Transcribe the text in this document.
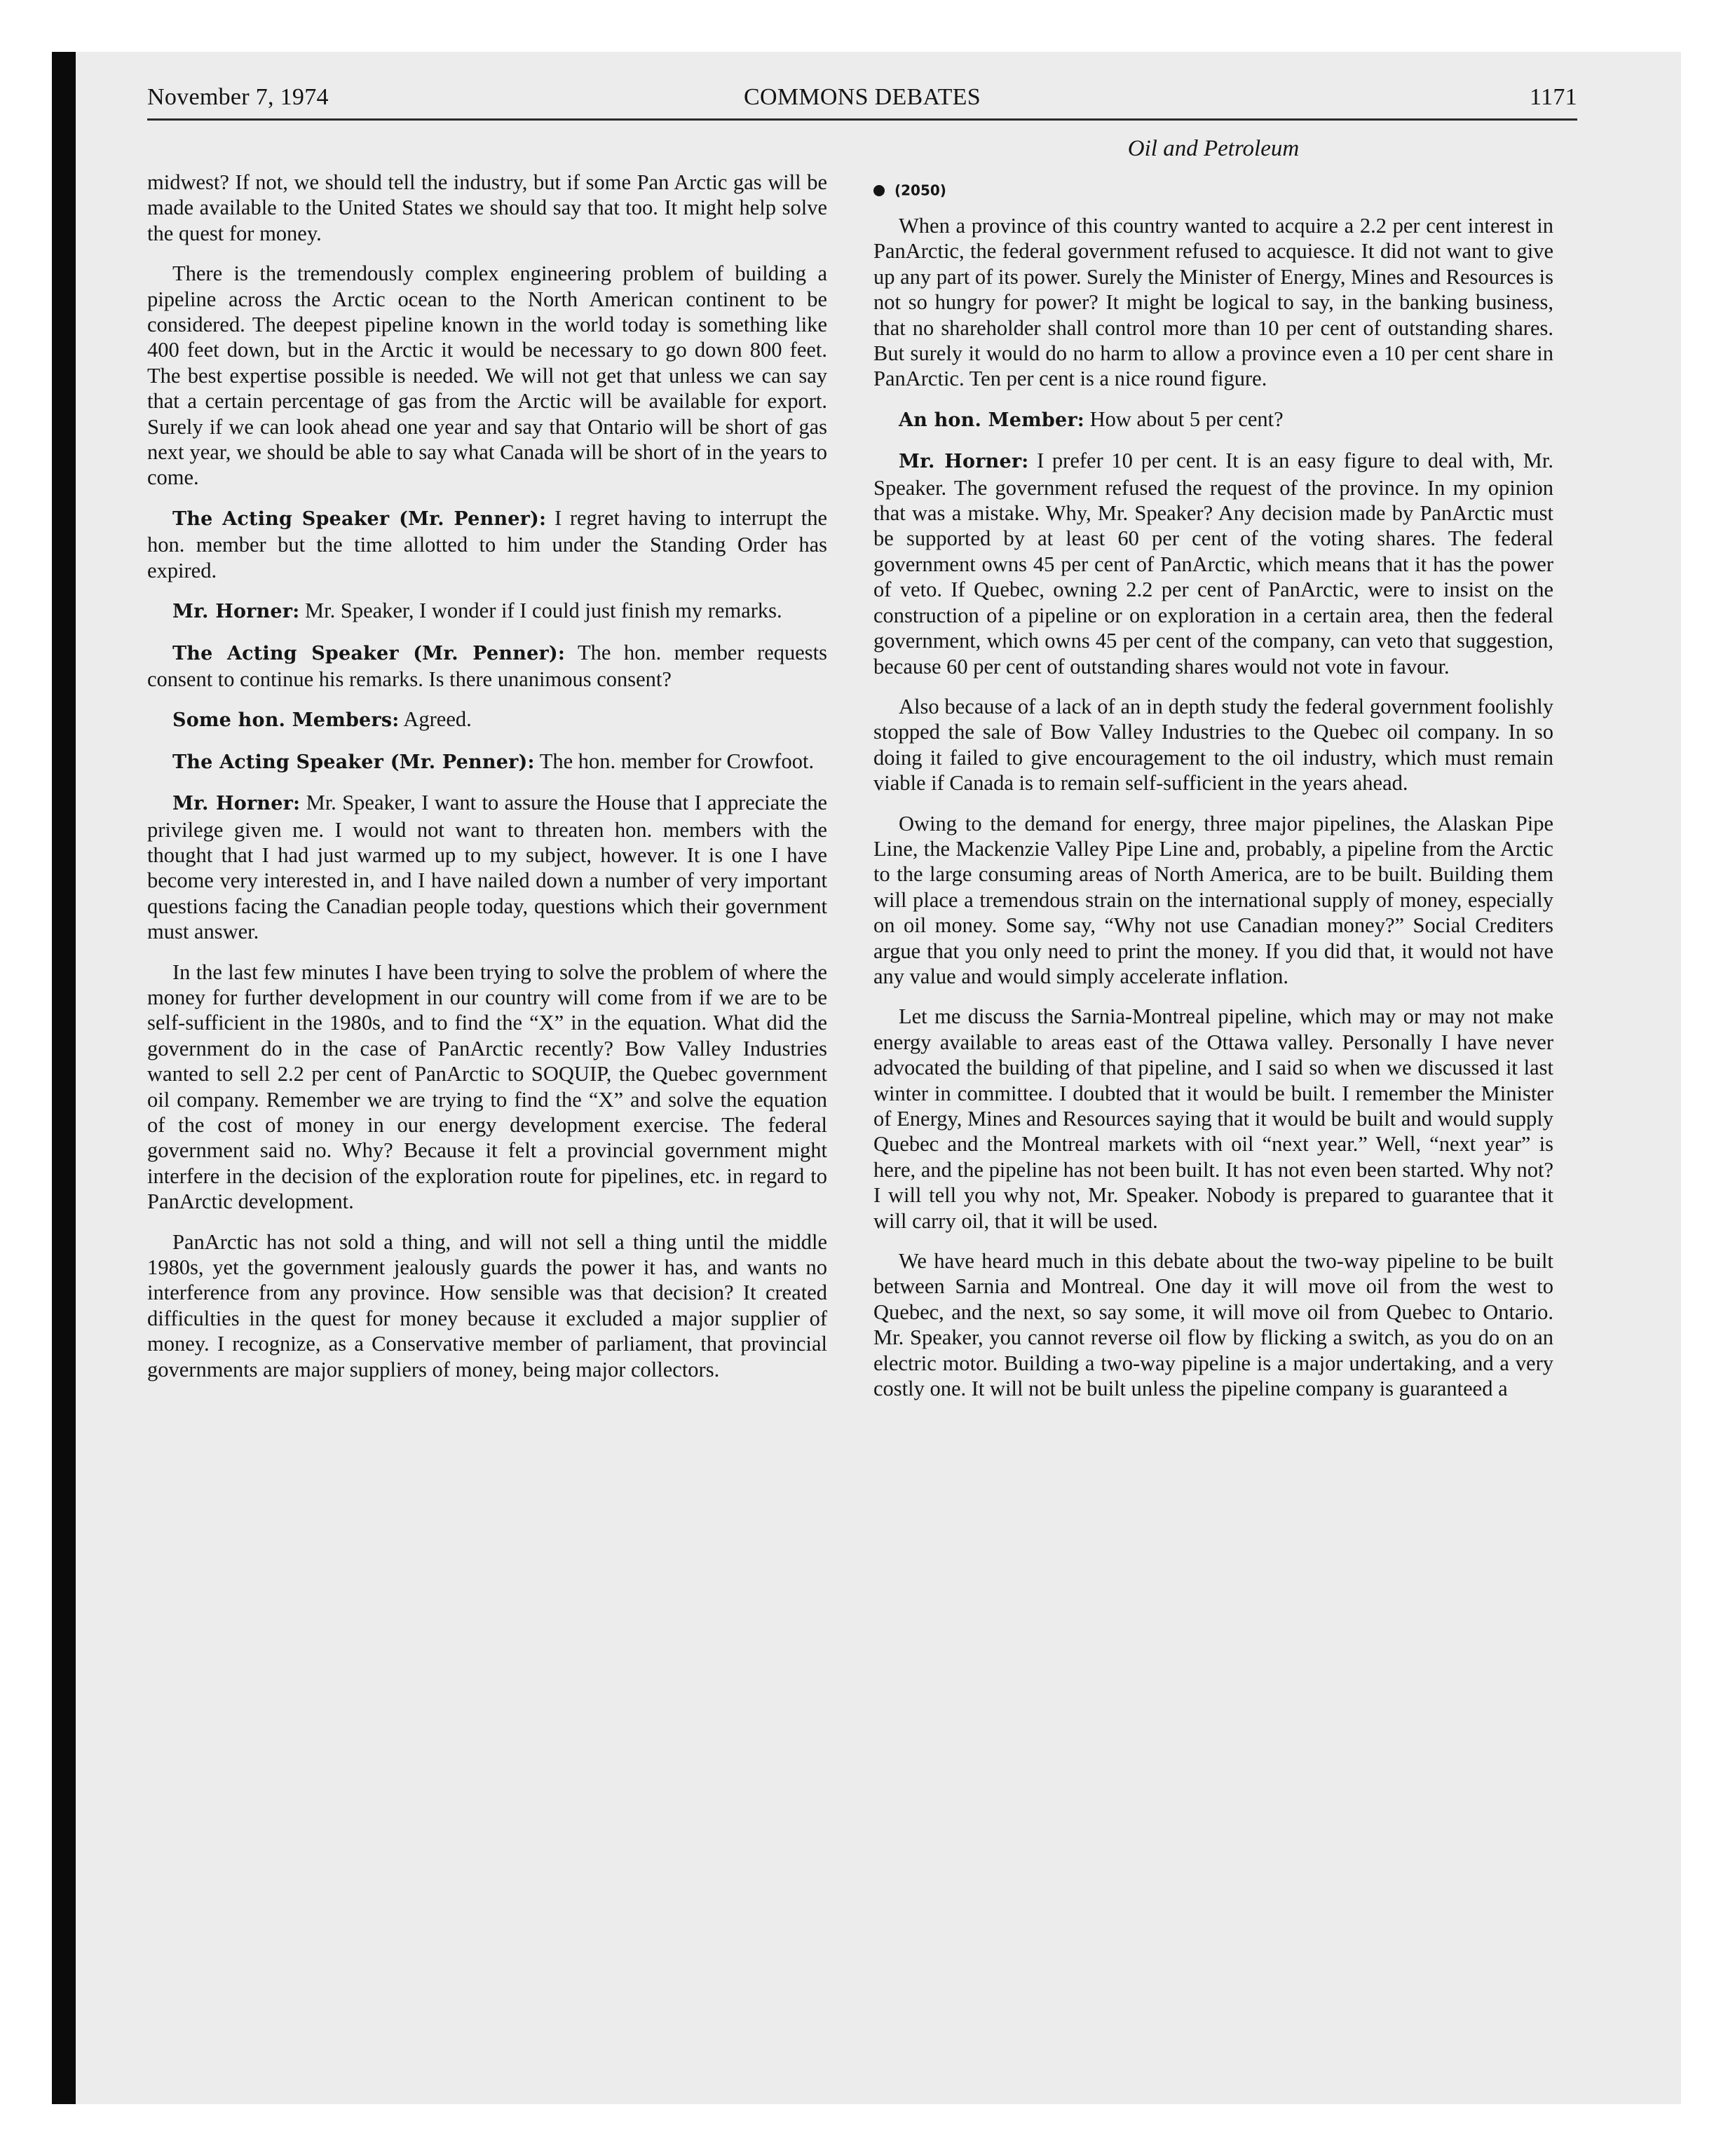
November 7, 1974	COMMONS DEBATES	1171

midwest? If not, we should tell the industry, but if some Pan Arctic gas will be made available to the United States we should say that too. It might help solve the quest for money.

There is the tremendously complex engineering problem of building a pipeline across the Arctic ocean to the North American continent to be considered. The deepest pipeline known in the world today is something like 400 feet down, but in the Arctic it would be necessary to go down 800 feet. The best expertise possible is needed. We will not get that unless we can say that a certain percentage of gas from the Arctic will be available for export. Surely if we can look ahead one year and say that Ontario will be short of gas next year, we should be able to say what Canada will be short of in the years to come.

The Acting Speaker (Mr. Penner): I regret having to interrupt the hon. member but the time allotted to him under the Standing Order has expired.

Mr. Horner: Mr. Speaker, I wonder if I could just finish my remarks.

The Acting Speaker (Mr. Penner): The hon. member requests consent to continue his remarks. Is there unanimous consent?

Some hon. Members: Agreed.

The Acting Speaker (Mr. Penner): The hon. member for Crowfoot.

Mr. Horner: Mr. Speaker, I want to assure the House that I appreciate the privilege given me. I would not want to threaten hon. members with the thought that I had just warmed up to my subject, however. It is one I have become very interested in, and I have nailed down a number of very important questions facing the Canadian people today, questions which their government must answer.

In the last few minutes I have been trying to solve the problem of where the money for further development in our country will come from if we are to be self-sufficient in the 1980s, and to find the “X” in the equation. What did the government do in the case of PanArctic recently? Bow Valley Industries wanted to sell 2.2 per cent of PanArctic to SOQUIP, the Quebec government oil company. Remember we are trying to find the “X” and solve the equation of the cost of money in our energy development exercise. The federal government said no. Why? Because it felt a provincial government might interfere in the decision of the exploration route for pipelines, etc. in regard to PanArctic development.

PanArctic has not sold a thing, and will not sell a thing until the middle 1980s, yet the government jealously guards the power it has, and wants no interference from any province. How sensible was that decision? It created difficulties in the quest for money because it excluded a major supplier of money. I recognize, as a Conservative member of parliament, that provincial governments are major suppliers of money, being major collectors.

Oil and Petroleum
(2050)

When a province of this country wanted to acquire a 2.2 per cent interest in PanArctic, the federal government refused to acquiesce. It did not want to give up any part of its power. Surely the Minister of Energy, Mines and Resources is not so hungry for power? It might be logical to say, in the banking business, that no shareholder shall control more than 10 per cent of outstanding shares. But surely it would do no harm to allow a province even a 10 per cent share in PanArctic. Ten per cent is a nice round figure.

An hon. Member: How about 5 per cent?

Mr. Horner: I prefer 10 per cent. It is an easy figure to deal with, Mr. Speaker. The government refused the request of the province. In my opinion that was a mistake. Why, Mr. Speaker? Any decision made by PanArctic must be supported by at least 60 per cent of the voting shares. The federal government owns 45 per cent of PanArctic, which means that it has the power of veto. If Quebec, owning 2.2 per cent of PanArctic, were to insist on the construction of a pipeline or on exploration in a certain area, then the federal government, which owns 45 per cent of the company, can veto that suggestion, because 60 per cent of outstanding shares would not vote in favour.

Also because of a lack of an in depth study the federal government foolishly stopped the sale of Bow Valley Industries to the Quebec oil company. In so doing it failed to give encouragement to the oil industry, which must remain viable if Canada is to remain self-sufficient in the years ahead.

Owing to the demand for energy, three major pipelines, the Alaskan Pipe Line, the Mackenzie Valley Pipe Line and, probably, a pipeline from the Arctic to the large consuming areas of North America, are to be built. Building them will place a tremendous strain on the international supply of money, especially on oil money. Some say, “Why not use Canadian money?” Social Crediters argue that you only need to print the money. If you did that, it would not have any value and would simply accelerate inflation.

Let me discuss the Sarnia-Montreal pipeline, which may or may not make energy available to areas east of the Ottawa valley. Personally I have never advocated the building of that pipeline, and I said so when we discussed it last winter in committee. I doubted that it would be built. I remember the Minister of Energy, Mines and Resources saying that it would be built and would supply Quebec and the Montreal markets with oil “next year.” Well, “next year” is here, and the pipeline has not been built. It has not even been started. Why not? I will tell you why not, Mr. Speaker. Nobody is prepared to guarantee that it will carry oil, that it will be used.

We have heard much in this debate about the two-way pipeline to be built between Sarnia and Montreal. One day it will move oil from the west to Quebec, and the next, so say some, it will move oil from Quebec to Ontario. Mr. Speaker, you cannot reverse oil flow by flicking a switch, as you do on an electric motor. Building a two-way pipeline is a major undertaking, and a very costly one. It will not be built unless the pipeline company is guaranteed a
